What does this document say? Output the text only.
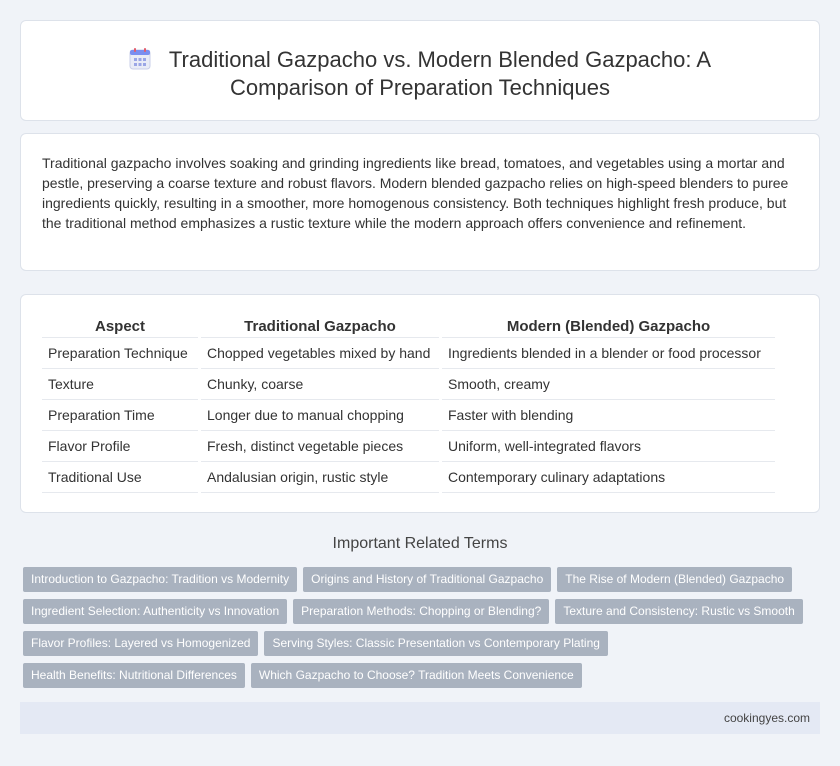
Traditional Gazpacho vs. Modern Blended Gazpacho: A
Comparison of Preparation Techniques

Traditional gazpacho involves soaking and grinding ingredients like bread, tomatoes, and vegetables using a mortar and pestle, preserving a coarse texture and robust flavors. Modern blended gazpacho relies on high-speed blenders to puree ingredients quickly, resulting in a smoother, more homogenous consistency. Both techniques highlight fresh produce, but the traditional method emphasizes a rustic texture while the modern approach offers convenience and refinement.

Aspect	Traditional Gazpacho	Modern (Blended) Gazpacho
Preparation Technique	Chopped vegetables mixed by hand	Ingredients blended in a blender or food processor
Texture	Chunky, coarse	Smooth, creamy
Preparation Time	Longer due to manual chopping	Faster with blending
Flavor Profile	Fresh, distinct vegetable pieces	Uniform, well-integrated flavors
Traditional Use	Andalusian origin, rustic style	Contemporary culinary adaptations
Important Related Terms
Introduction to Gazpacho: Tradition vs Modernity Origins and History of Traditional Gazpacho The Rise of Modern (Blended) Gazpacho
Ingredient Selection: Authenticity vs Innovation Preparation Methods: Chopping or Blending? Texture and Consistency: Rustic vs Smooth
Flavor Profiles: Layered vs Homogenized Serving Styles: Classic Presentation vs Contemporary Plating
Health Benefits: Nutritional Differences Which Gazpacho to Choose? Tradition Meets Convenience
cookingyes.com
